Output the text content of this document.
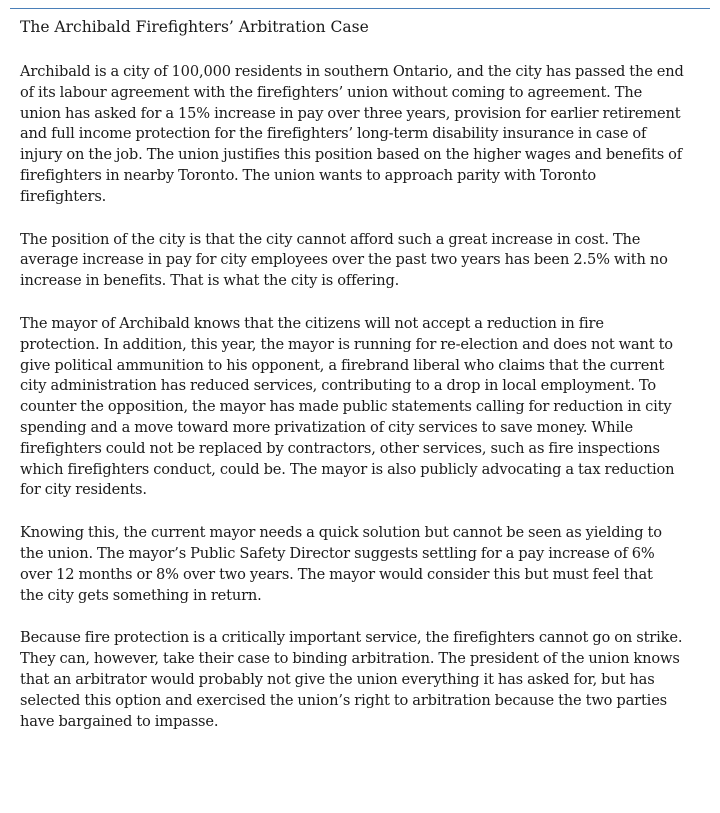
The Archibald Firefighters’ Arbitration Case

Archibald is a city of 100,000 residents in southern Ontario, and the city has passed the end
of its labour agreement with the firefighters’ union without coming to agreement. The
union has asked for a 15% increase in pay over three years, provision for earlier retirement
and full income protection for the firefighters’ long-term disability insurance in case of
injury on the job. The union justifies this position based on the higher wages and benefits of
firefighters in nearby Toronto. The union wants to approach parity with Toronto
firefighters.

The position of the city is that the city cannot afford such a great increase in cost. The
average increase in pay for city employees over the past two years has been 2.5% with no
increase in benefits. That is what the city is offering.

The mayor of Archibald knows that the citizens will not accept a reduction in fire
protection. In addition, this year, the mayor is running for re-election and does not want to
give political ammunition to his opponent, a firebrand liberal who claims that the current
city administration has reduced services, contributing to a drop in local employment. To
counter the opposition, the mayor has made public statements calling for reduction in city
spending and a move toward more privatization of city services to save money. While
firefighters could not be replaced by contractors, other services, such as fire inspections
which firefighters conduct, could be. The mayor is also publicly advocating a tax reduction
for city residents.

Knowing this, the current mayor needs a quick solution but cannot be seen as yielding to
the union. The mayor’s Public Safety Director suggests settling for a pay increase of 6%
over 12 months or 8% over two years. The mayor would consider this but must feel that
the city gets something in return.

Because fire protection is a critically important service, the firefighters cannot go on strike.
They can, however, take their case to binding arbitration. The president of the union knows
that an arbitrator would probably not give the union everything it has asked for, but has
selected this option and exercised the union’s right to arbitration because the two parties
have bargained to impasse.
